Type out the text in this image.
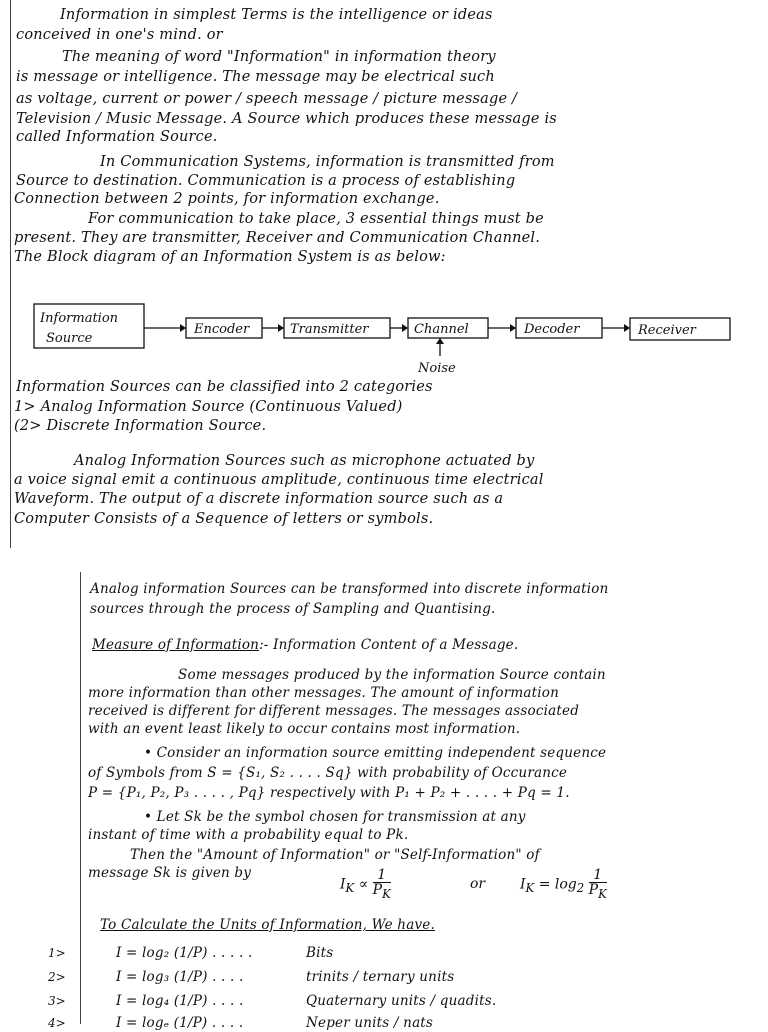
Information in simplest Terms is the intelligence or ideas
conceived in one's mind. or
The meaning of word "Information" in information theory
is message or intelligence. The message may be electrical such
as voltage, current or power / speech message / picture message /
Television / Music Message. A Source which produces these message is
called Information Source.
In Communication Systems, information is transmitted from
Source to destination. Communication is a process of establishing
Connection between 2 points, for information exchange.
For communication to take place, 3 essential things must be
present. They are transmitter, Receiver and Communication Channel.
The Block diagram of an Information System is as below:
Information
Source
Encoder	Transmitter	Channel	Decoder	Receiver
Noise
Information Sources can be classified into 2 categories
1> Analog Information Source (Continuous Valued)
(2> Discrete Information Source.
Analog Information Sources such as microphone actuated by
a voice signal emit a continuous amplitude, continuous time electrical
Waveform. The output of a discrete information source such as a
Computer Consists of a Sequence of letters or symbols.
Analog information Sources can be transformed into discrete information
sources through the process of Sampling and Quantising.
Measure of Information:- Information Content of a Message.
Some messages produced by the information Source contain
more information than other messages. The amount of information
received is different for different messages. The messages associated
with an event least likely to occur contains most information.
• Consider an information source emitting independent sequence
of Symbols from S = {S₁, S₂ . . . . Sq} with probability of Occurance
P = {P₁, P₂, P₃ . . . . , Pq} respectively with P₁ + P₂ + . . . . + Pq = 1.
• Let Sk be the symbol chosen for transmission at any
instant of time with a probability equal to Pk.
Then the "Amount of Information" or "Self-Information" of
message Sk is given by
$I_K \propto \frac{1}{P_K}$	or $I_K = \log_2 \frac{1}{P_K}$
To Calculate the Units of Information, We have.
1>	I = log₂ (1/P) . . . . .	Bits
2>	I = log₃ (1/P) . . . .	trinits / ternary units
3>	I = log₄ (1/P) . . . .	Quaternary units / quadits.
4>	I = logₑ (1/P) . . . .	Neper units / nats
